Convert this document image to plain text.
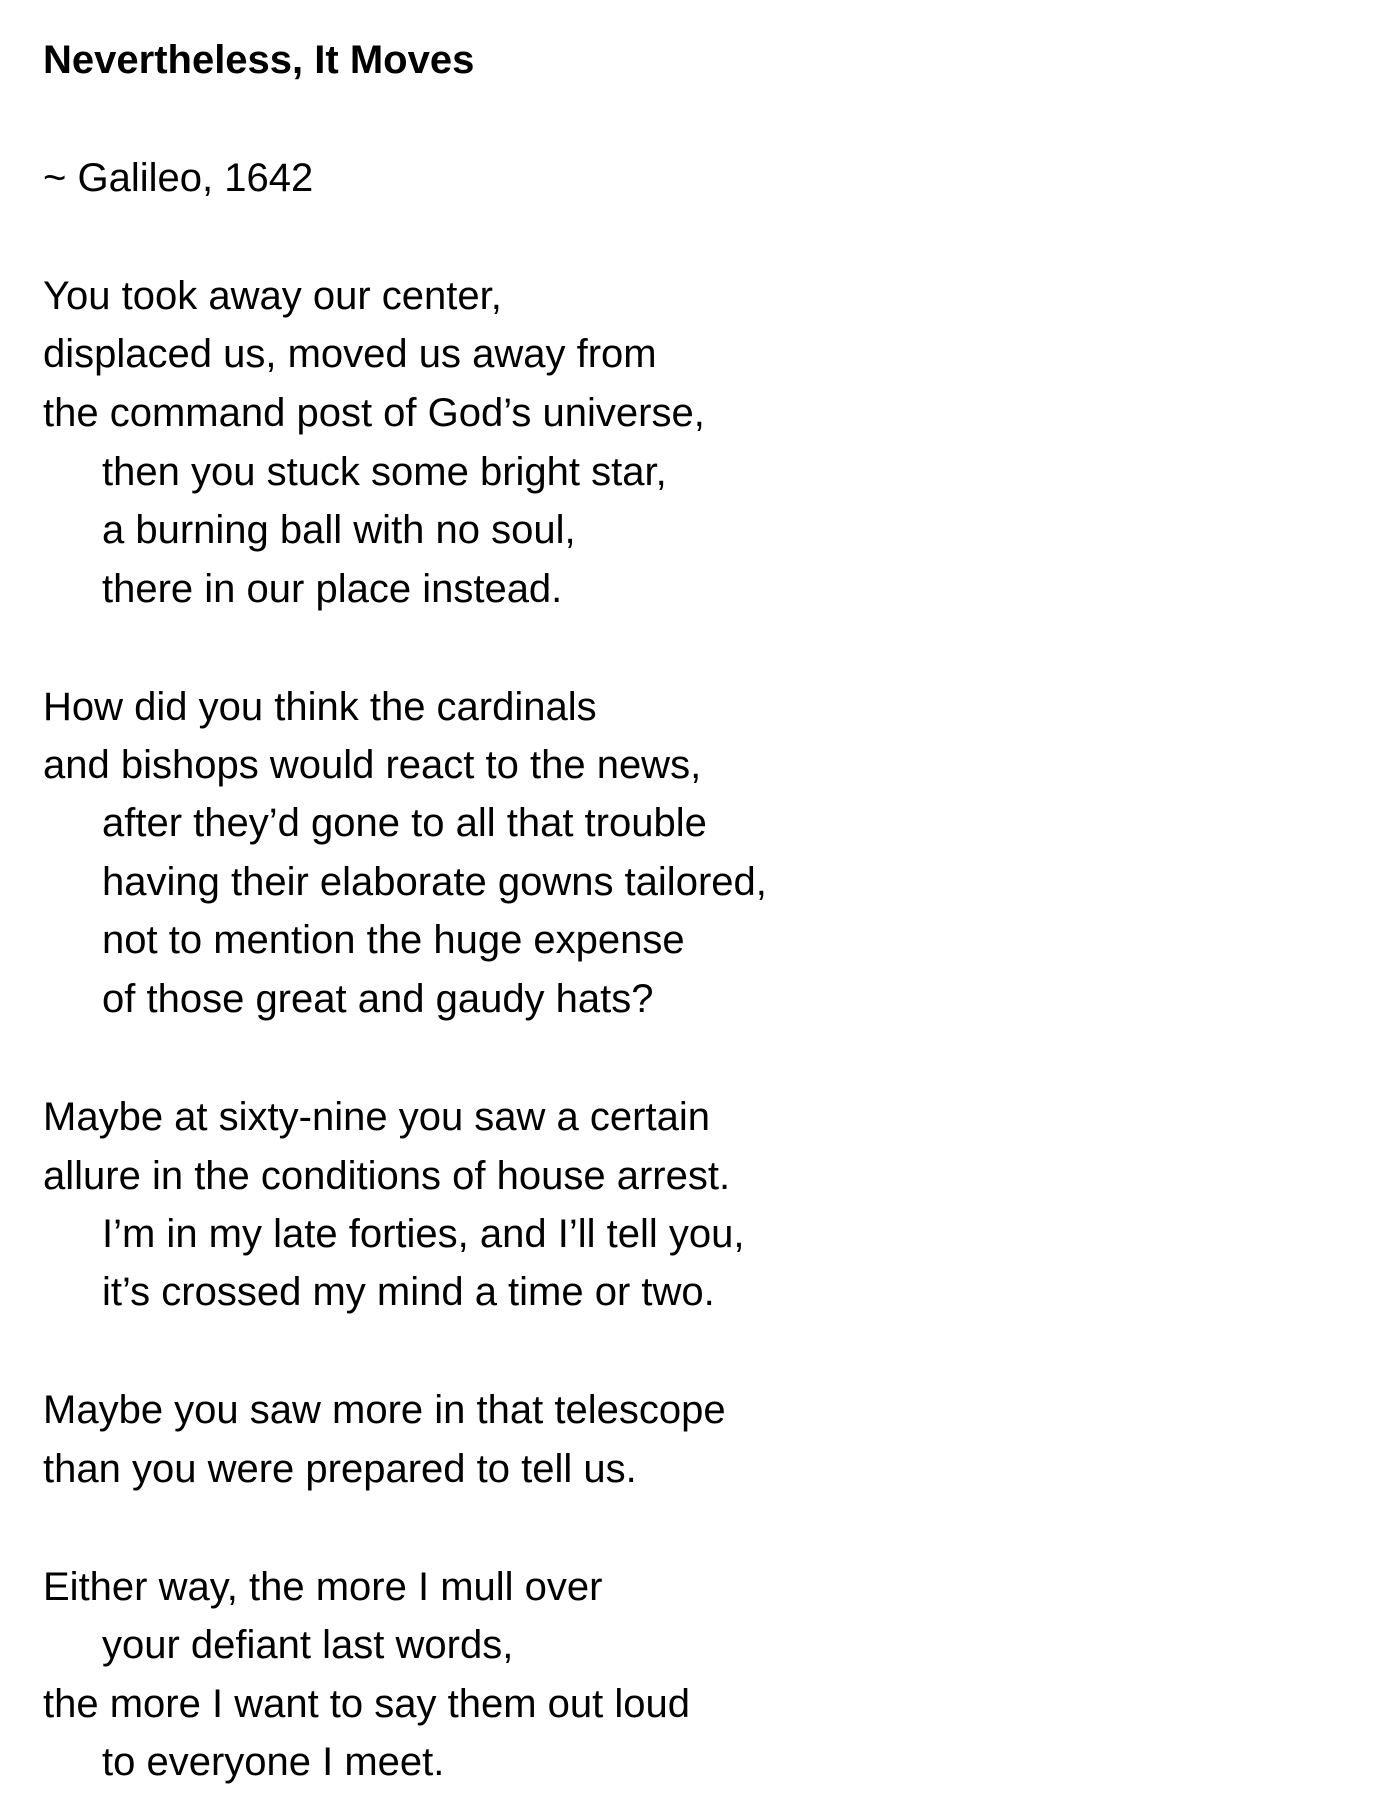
Nevertheless, It Moves
~ Galileo, 1642
You took away our center,
displaced us, moved us away from
the command post of God’s universe,
then you stuck some bright star,
a burning ball with no soul,
there in our place instead.
How did you think the cardinals
and bishops would react to the news,
after they’d gone to all that trouble
having their elaborate gowns tailored,
not to mention the huge expense
of those great and gaudy hats?
Maybe at sixty-nine you saw a certain
allure in the conditions of house arrest.
I’m in my late forties, and I’ll tell you,
it’s crossed my mind a time or two.
Maybe you saw more in that telescope
than you were prepared to tell us.
Either way, the more I mull over
your defiant last words,
the more I want to say them out loud
to everyone I meet.
